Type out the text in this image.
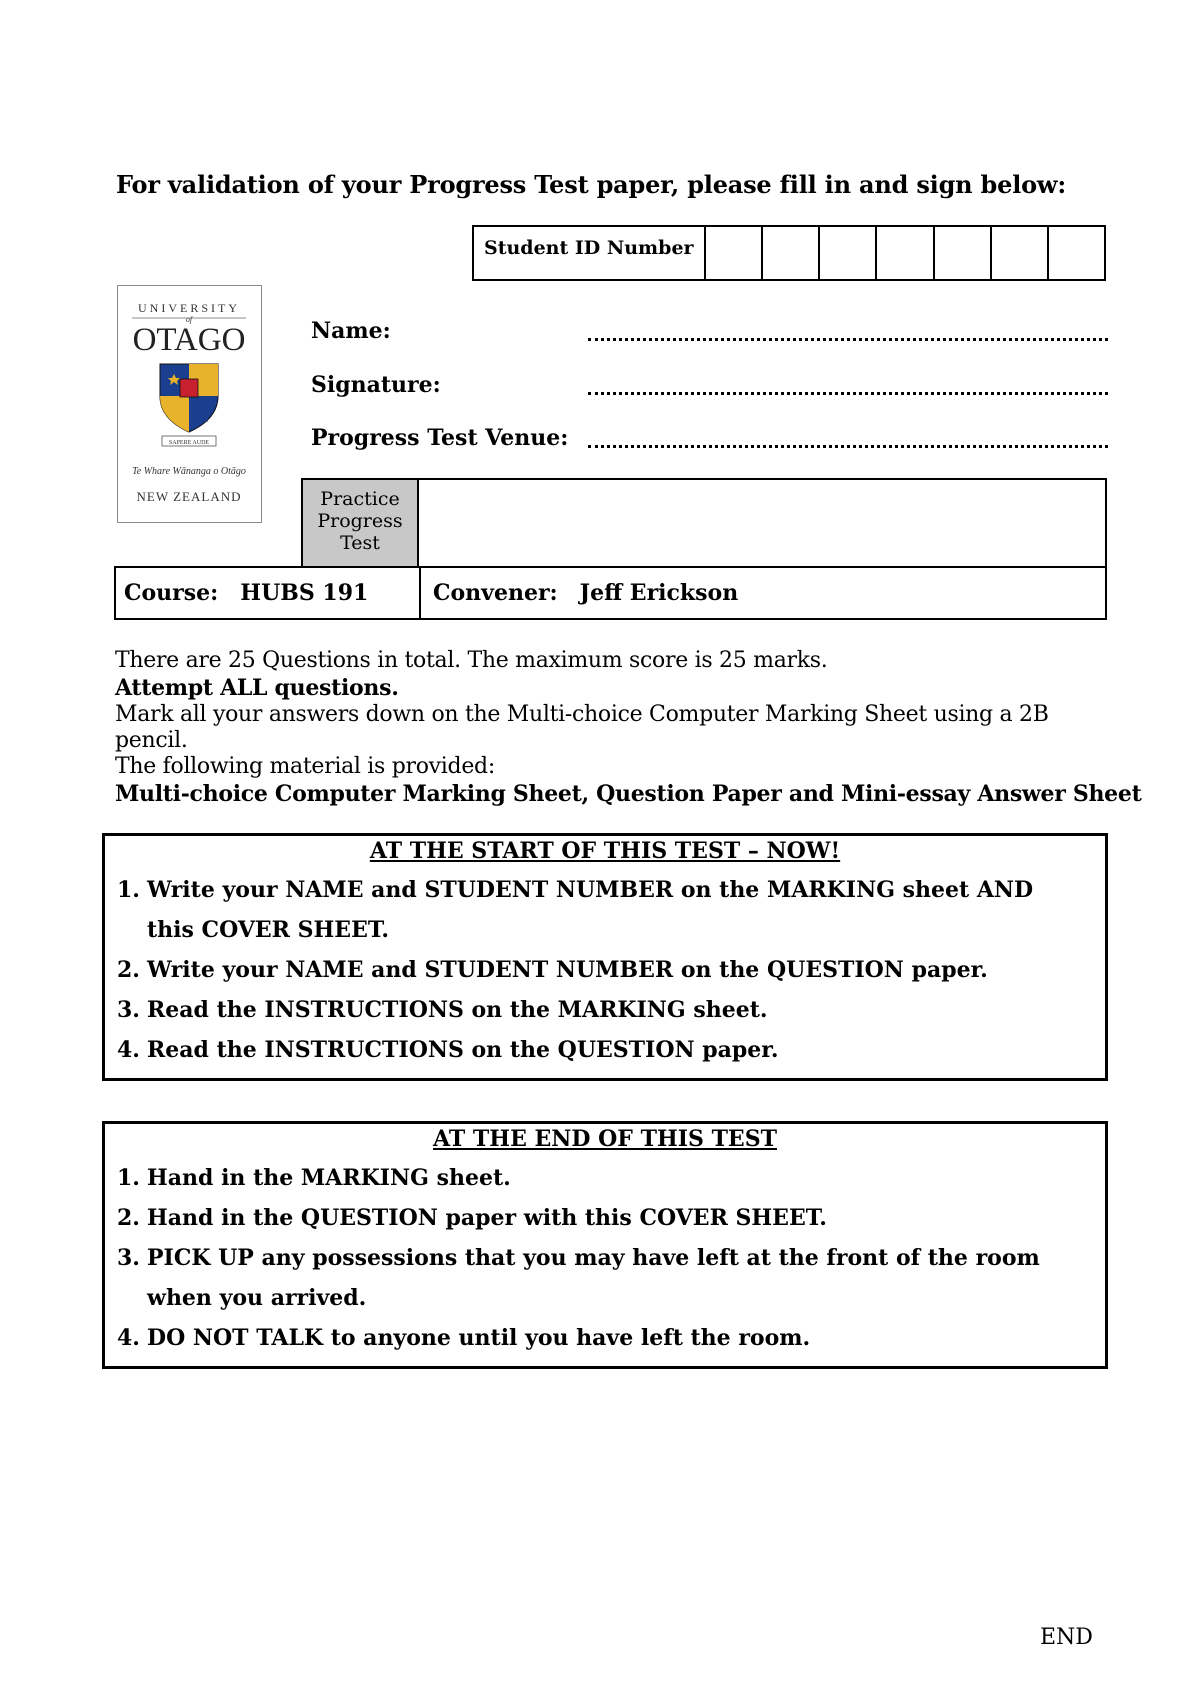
For validation of your Progress Test paper, please fill in and sign below:
Student ID Number
UNIVERSITY
of
OTAGO
SAPERE AUDE
Te Whare Wānanga o Otāgo
NEW ZEALAND
Name:
Signature:
Progress Test Venue:
Practice
Progress
Test
Course: HUBS 191	Convener: Jeff Erickson
There are 25 Questions in total. The maximum score is 25 marks.
Attempt ALL questions.
Mark all your answers down on the Multi-choice Computer Marking Sheet using a 2B
pencil.
The following material is provided:
Multi-choice Computer Marking Sheet, Question Paper and Mini-essay Answer Sheet
AT THE START OF THIS TEST – NOW!
1. Write your NAME and STUDENT NUMBER on the MARKING sheet AND this COVER SHEET.
2. Write your NAME and STUDENT NUMBER on the QUESTION paper.
3. Read the INSTRUCTIONS on the MARKING sheet.
4. Read the INSTRUCTIONS on the QUESTION paper.
AT THE END OF THIS TEST
1. Hand in the MARKING sheet.
2. Hand in the QUESTION paper with this COVER SHEET.
3. PICK UP any possessions that you may have left at the front of the room when you arrived.
4. DO NOT TALK to anyone until you have left the room.
END
